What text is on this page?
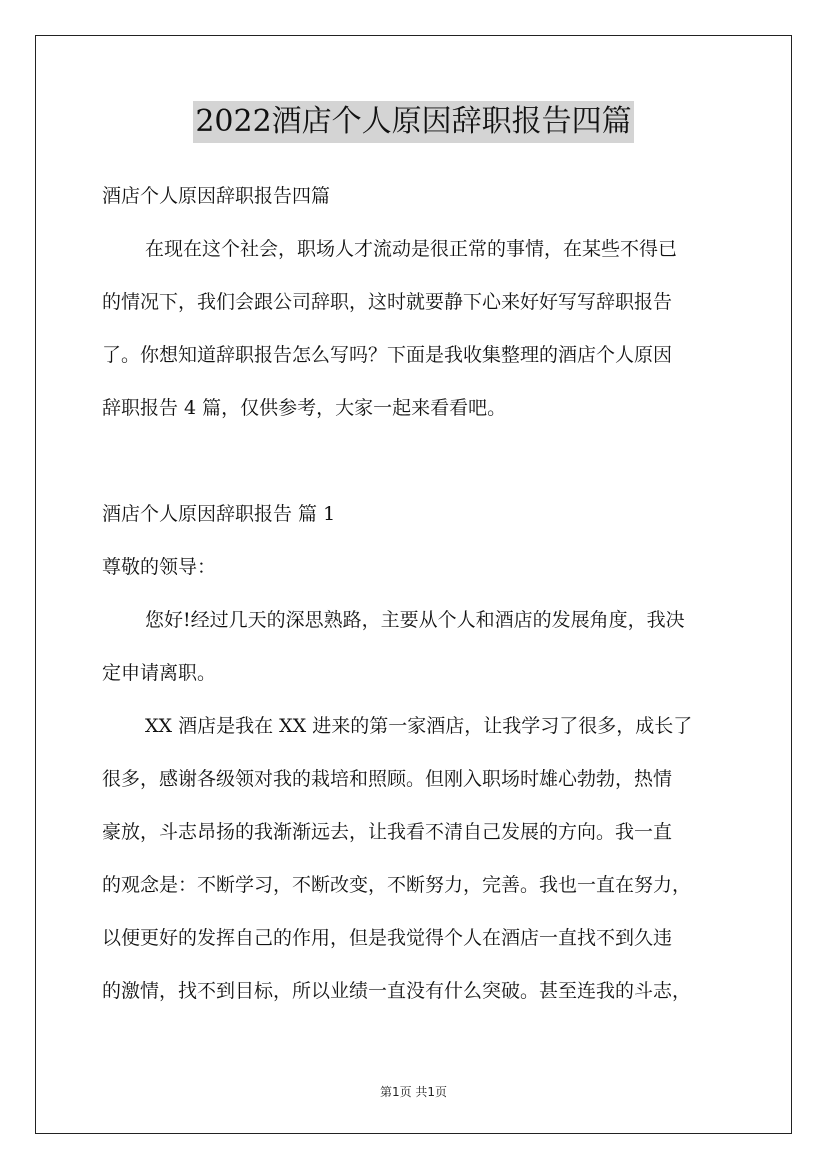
2022酒店个人原因辞职报告四篇
酒店个人原因辞职报告四篇
在现在这个社会，职场人才流动是很正常的事情，在某些不得已
的情况下，我们会跟公司辞职，这时就要静下心来好好写写辞职报告
了。你想知道辞职报告怎么写吗？下面是我收集整理的酒店个人原因
辞职报告 4 篇，仅供参考，大家一起来看看吧。
酒店个人原因辞职报告 篇 1
尊敬的领导：
您好!经过几天的深思熟路，主要从个人和酒店的发展角度，我决
定申请离职。
XX 酒店是我在 XX 进来的第一家酒店，让我学习了很多，成长了
很多，感谢各级领对我的栽培和照顾。但刚入职场时雄心勃勃，热情
豪放，斗志昂扬的我渐渐远去，让我看不清自己发展的方向。我一直
的观念是：不断学习，不断改变，不断努力，完善。我也一直在努力，
以便更好的发挥自己的作用，但是我觉得个人在酒店一直找不到久违
的激情，找不到目标，所以业绩一直没有什么突破。甚至连我的斗志，
第1页 共1页
